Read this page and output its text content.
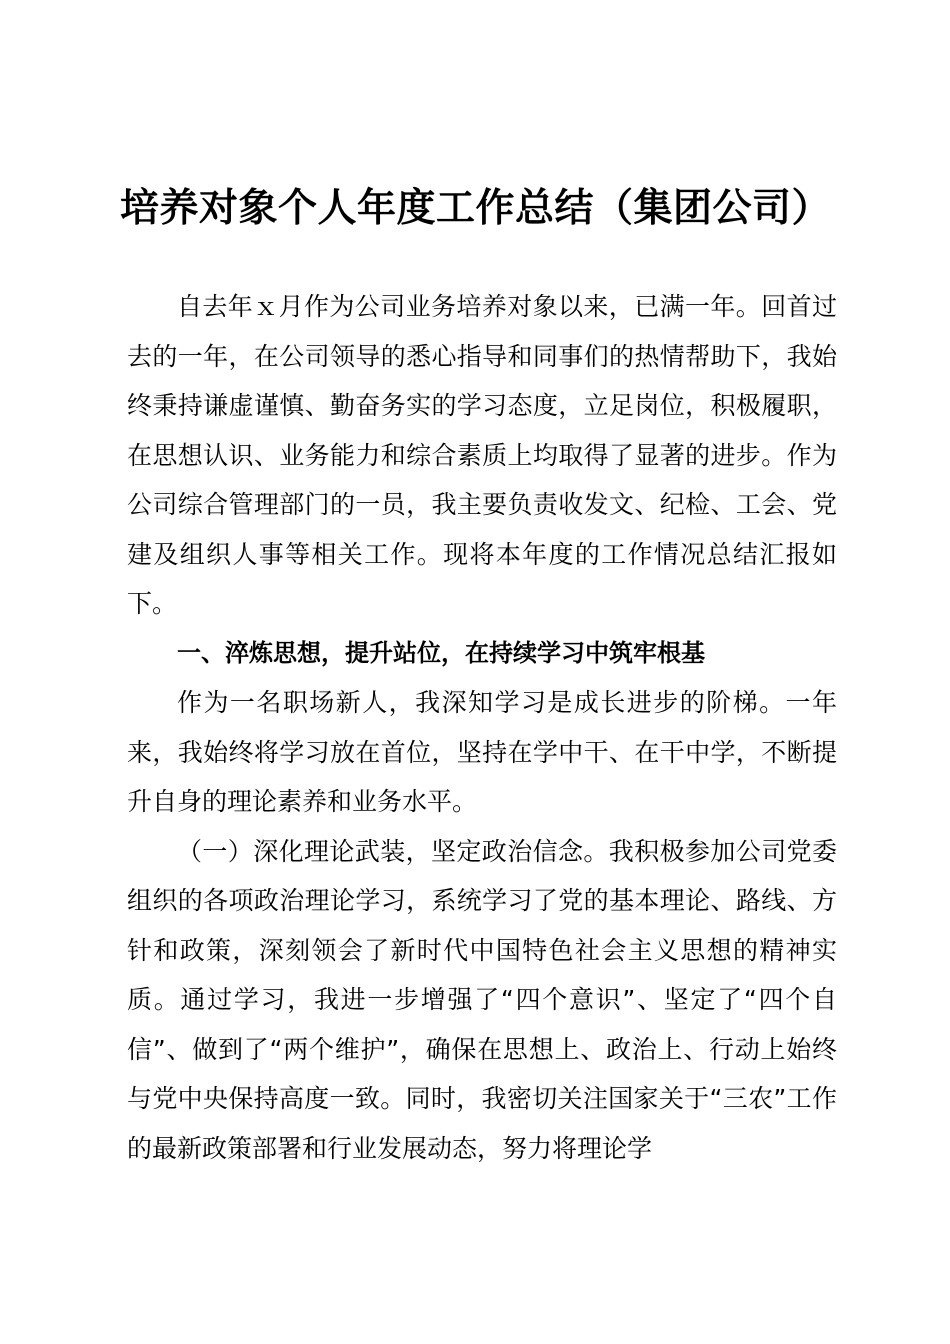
培养对象个人年度工作总结（集团公司）

自去年ｘ月作为公司业务培养对象以来，已满一年。回首过去的一年，在公司领导的悉心指导和同事们的热情帮助下，我始终秉持谦虚谨慎、勤奋务实的学习态度，立足岗位，积极履职，在思想认识、业务能力和综合素质上均取得了显著的进步。作为公司综合管理部门的一员，我主要负责收发文、纪检、工会、党建及组织人事等相关工作。现将本年度的工作情况总结汇报如下。

一、淬炼思想，提升站位，在持续学习中筑牢根基

作为一名职场新人，我深知学习是成长进步的阶梯。一年来，我始终将学习放在首位，坚持在学中干、在干中学，不断提升自身的理论素养和业务水平。

（一）深化理论武装，坚定政治信念。我积极参加公司党委组织的各项政治理论学习，系统学习了党的基本理论、路线、方针和政策，深刻领会了新时代中国特色社会主义思想的精神实质。通过学习，我进一步增强了“四个意识”、坚定了“四个自信”、做到了“两个维护”，确保在思想上、政治上、行动上始终与党中央保持高度一致。同时，我密切关注国家关于“三农”工作的最新政策部署和行业发展动态，努力将理论学
